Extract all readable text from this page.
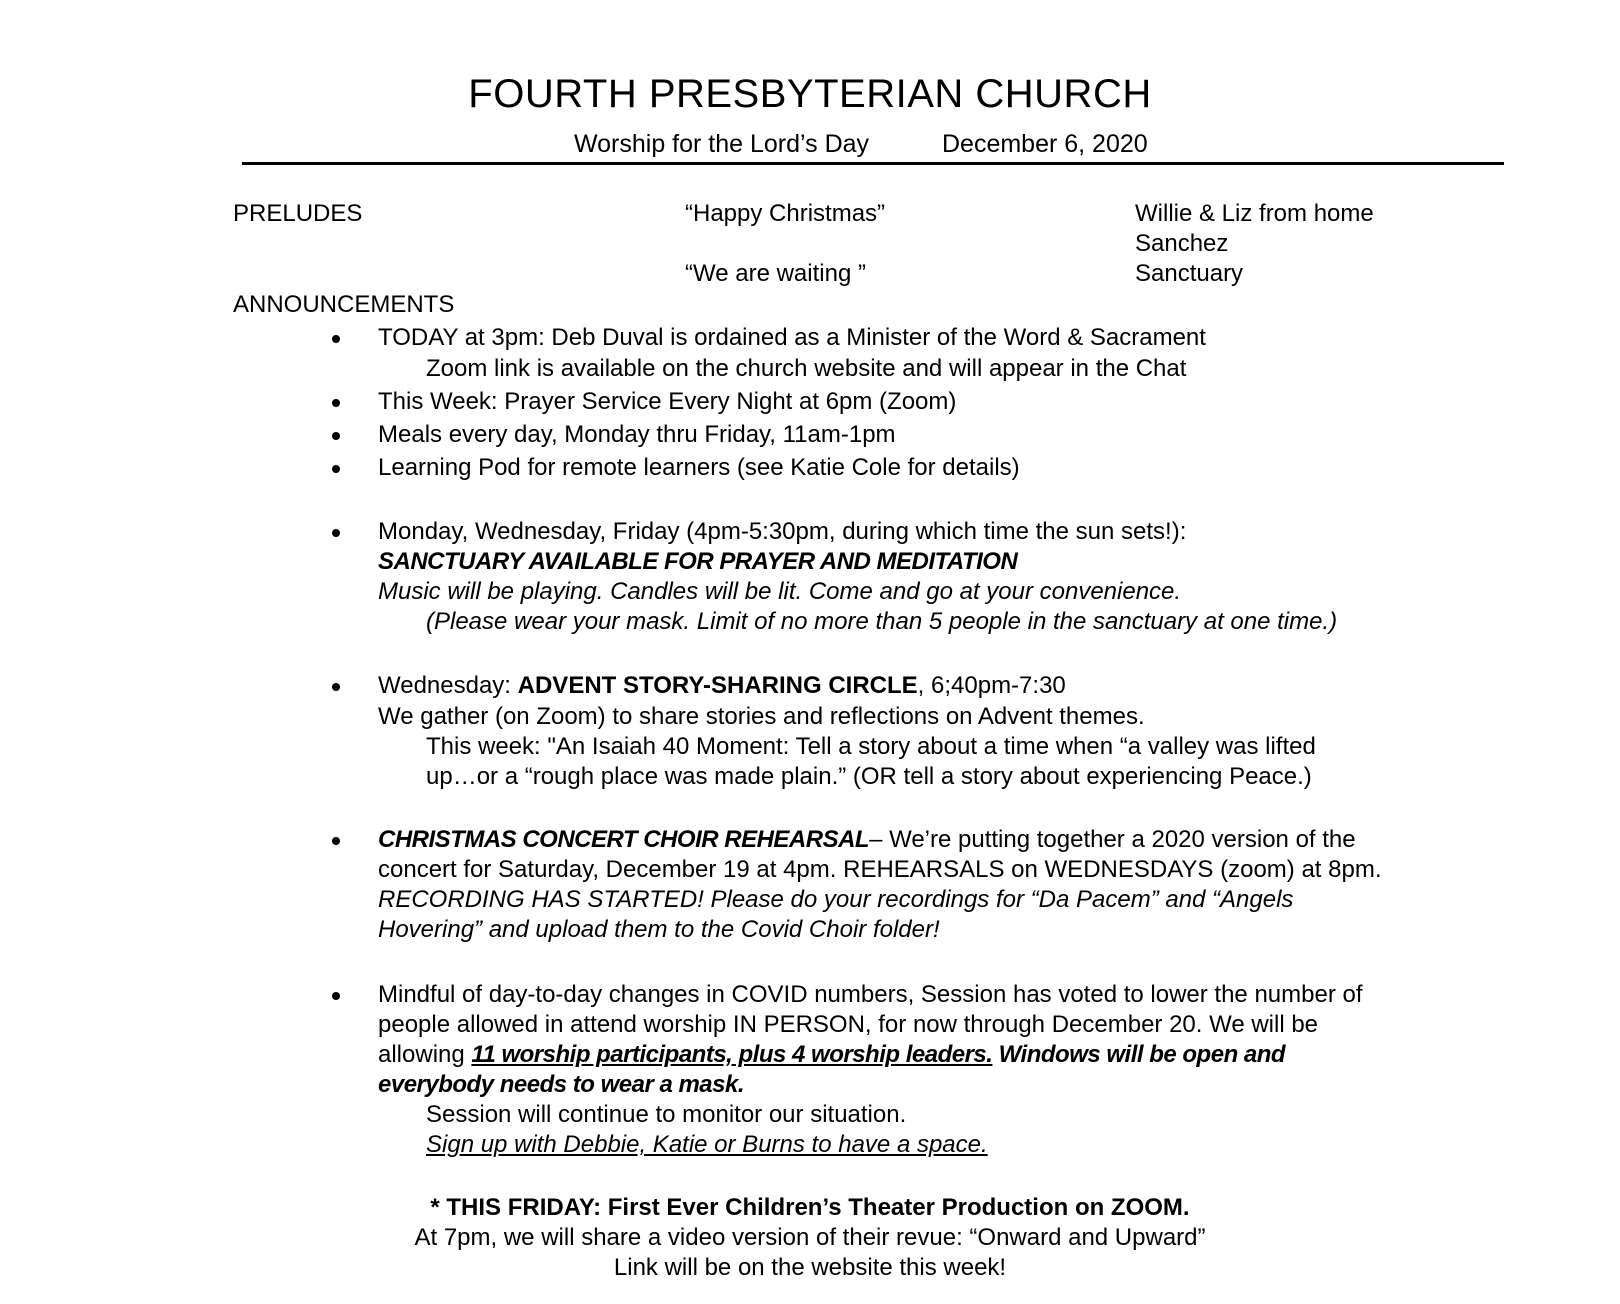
FOURTH PRESBYTERIAN CHURCH
Worship for the Lord’s Day	December 6, 2020
PRELUDES	“Happy Christmas”
“We are waiting ”
Willie & Liz from home
Sanchez
Sanctuary
ANNOUNCEMENTS
TODAY at 3pm: Deb Duval is ordained as a Minister of the Word & Sacrament
Zoom link is available on the church website and will appear in the Chat
This Week: Prayer Service Every Night at 6pm (Zoom)
Meals every day, Monday thru Friday, 11am-1pm
Learning Pod for remote learners (see Katie Cole for details)
Monday, Wednesday, Friday (4pm-5:30pm, during which time the sun sets!):
SANCTUARY AVAILABLE FOR PRAYER AND MEDITATION
Music will be playing. Candles will be lit. Come and go at your convenience.
(Please wear your mask. Limit of no more than 5 people in the sanctuary at one time.)
Wednesday: ADVENT STORY-SHARING CIRCLE, 6;40pm-7:30
We gather (on Zoom) to share stories and reflections on Advent themes.
This week: "An Isaiah 40 Moment: Tell a story about a time when “a valley was lifted
up…or a “rough place was made plain.” (OR tell a story about experiencing Peace.)
CHRISTMAS CONCERT CHOIR REHEARSAL– We’re putting together a 2020 version of the
concert for Saturday, December 19 at 4pm. REHEARSALS on WEDNESDAYS (zoom) at 8pm.
RECORDING HAS STARTED! Please do your recordings for “Da Pacem” and “Angels
Hovering” and upload them to the Covid Choir folder!
Mindful of day-to-day changes in COVID numbers, Session has voted to lower the number of
people allowed in attend worship IN PERSON, for now through December 20. We will be
allowing 11 worship participants, plus 4 worship leaders. Windows will be open and
everybody needs to wear a mask.
Session will continue to monitor our situation.
Sign up with Debbie, Katie or Burns to have a space.
* THIS FRIDAY: First Ever Children’s Theater Production on ZOOM.
At 7pm, we will share a video version of their revue: “Onward and Upward”
Link will be on the website this week!
